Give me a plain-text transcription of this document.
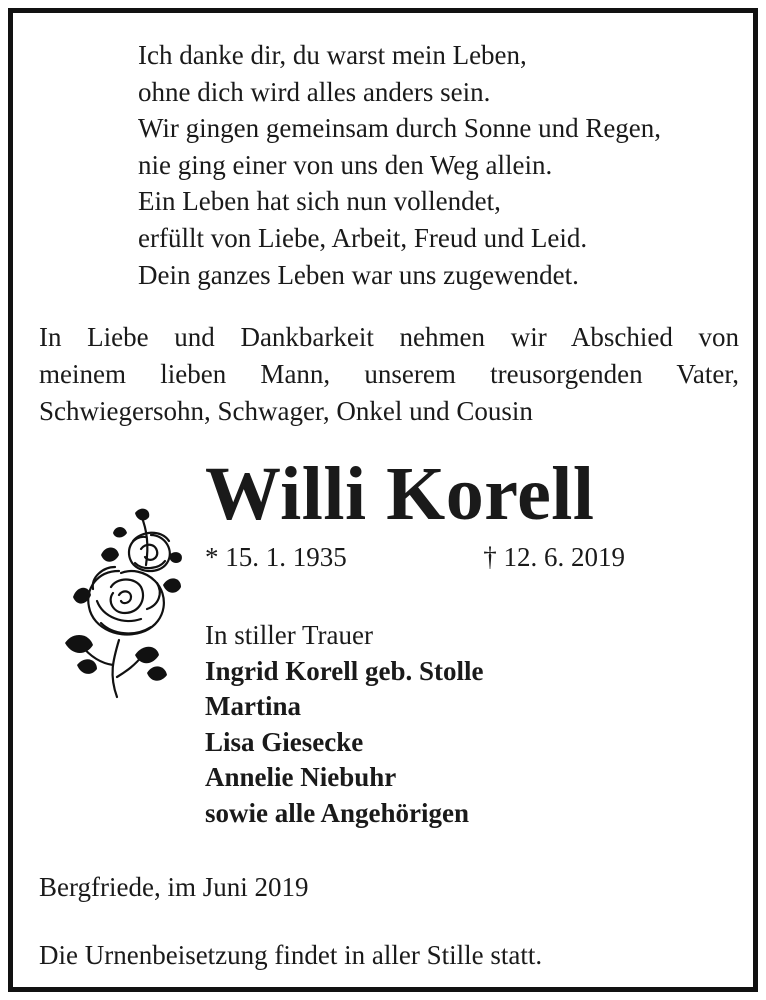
Ich danke dir, du warst mein Leben,
ohne dich wird alles anders sein.
Wir gingen gemeinsam durch Sonne und Regen,
nie ging einer von uns den Weg allein.
Ein Leben hat sich nun vollendet,
erfüllt von Liebe, Arbeit, Freud und Leid.
Dein ganzes Leben war uns zugewendet.
In Liebe und Dankbarkeit nehmen wir Abschied von
meinem lieben Mann, unserem treusorgenden Vater,
Schwiegersohn, Schwager, Onkel und Cousin
Willi Korell
* 15. 1. 1935	† 12. 6. 2019
In stiller Trauer
Ingrid Korell geb. Stolle
Martina
Lisa Giesecke
Annelie Niebuhr
sowie alle Angehörigen
Bergfriede, im Juni 2019
Die Urnenbeisetzung findet in aller Stille statt.
